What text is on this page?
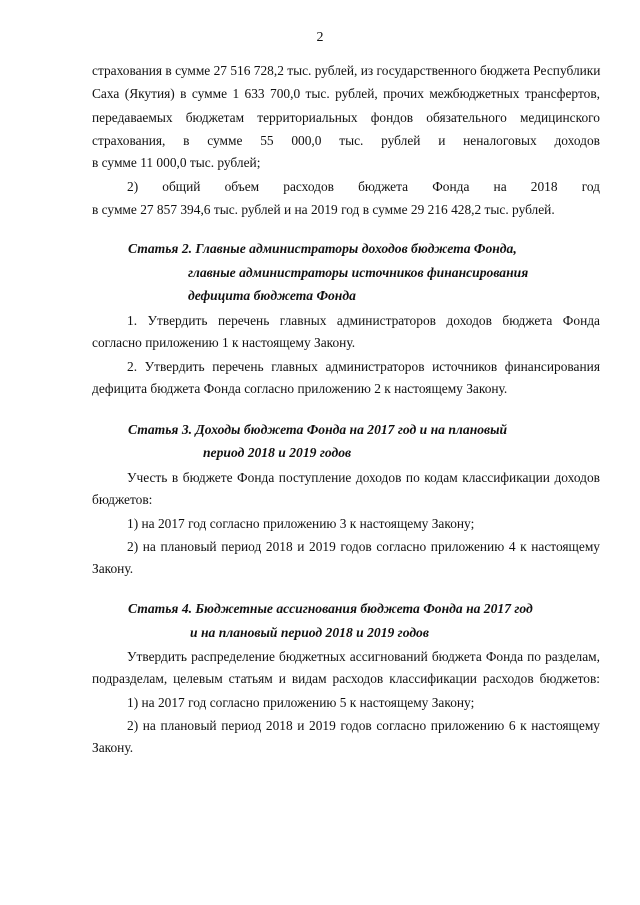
2
страхования в сумме 27 516 728,2 тыс. рублей, из государственного бюджета Республики
Саха (Якутия) в сумме 1 633 700,0 тыс. рублей, прочих межбюджетных трансфертов,
передаваемых бюджетам территориальных фондов обязательного медицинского
страхования, в сумме 55 000,0 тыс. рублей и неналоговых доходов
в сумме 11 000,0 тыс. рублей;
2) общий объем расходов бюджета Фонда на 2018 год
в сумме 27 857 394,6 тыс. рублей и на 2019 год в сумме 29 216 428,2 тыс. рублей.
Статья 2. Главные администраторы доходов бюджета Фонда,
главные администраторы источников финансирования
дефицита бюджета Фонда
1. Утвердить перечень главных администраторов доходов бюджета Фонда
согласно приложению 1 к настоящему Закону.
2. Утвердить перечень главных администраторов источников финансирования
дефицита бюджета Фонда согласно приложению 2 к настоящему Закону.
Статья 3. Доходы бюджета Фонда на 2017 год и на плановый
период 2018 и 2019 годов
Учесть в бюджете Фонда поступление доходов по кодам классификации доходов
бюджетов:
1) на 2017 год согласно приложению 3 к настоящему Закону;
2) на плановый период 2018 и 2019 годов согласно приложению 4 к настоящему
Закону.
Статья 4. Бюджетные ассигнования бюджета Фонда на 2017 год
и на плановый период 2018 и 2019 годов
Утвердить распределение бюджетных ассигнований бюджета Фонда по разделам,
подразделам, целевым статьям и видам расходов классификации расходов бюджетов:
1) на 2017 год согласно приложению 5 к настоящему Закону;
2) на плановый период 2018 и 2019 годов согласно приложению 6 к настоящему
Закону.
